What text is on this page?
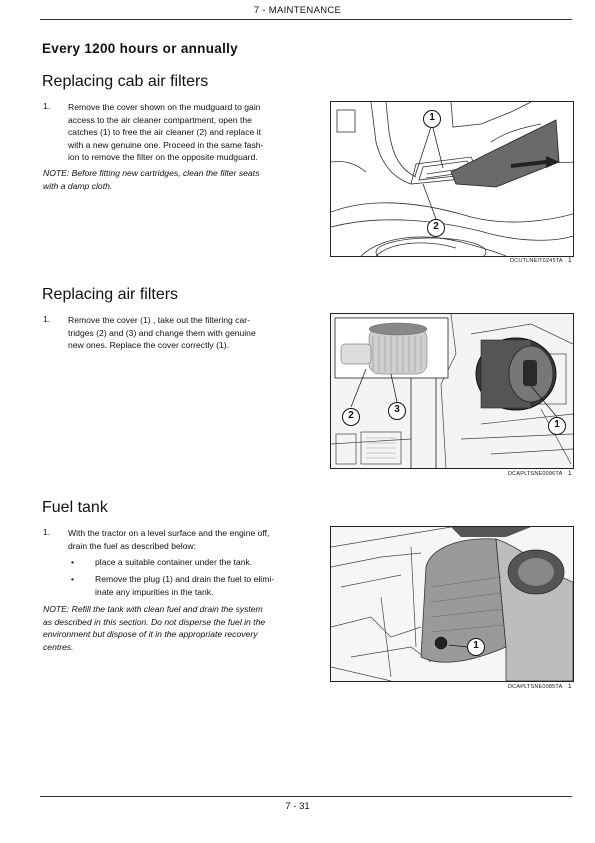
7 - MAINTENANCE
Every 1200 hours or annually
Replacing cab air filters
1. Remove the cover shown on the mudguard to gain
access to the air cleaner compartment, open the
catches (1) to free the air cleaner (2) and replace it
with a new genuine one. Proceed in the same fash-
ion to remove the filter on the opposite mudguard.
NOTE: Before fitting new cartridges, clean the filter seats
with a damp cloth.
1
2
DCUTLNEIT0245TA 1
Replacing air filters
1. Remove the cover (1) , take out the filtering car-
tridges (2) and (3) and change them with genuine
new ones. Replace the cover correctly (1).
2
3
1
DCAPLTSNE0096TA 1
Fuel tank
1. With the tractor on a level surface and the engine off,
drain the fuel as described below:
• place a suitable container under the tank.
• Remove the plug (1) and drain the fuel to elimi-
inate any impurities in the tank.
NOTE: Refill the tank with clean fuel and drain the system
as described in this section. Do not disperse the fuel in the
environment but dispose of it in the appropriate recovery
centres.	1
DCAPLTSNE0085TA 1
7 - 31
